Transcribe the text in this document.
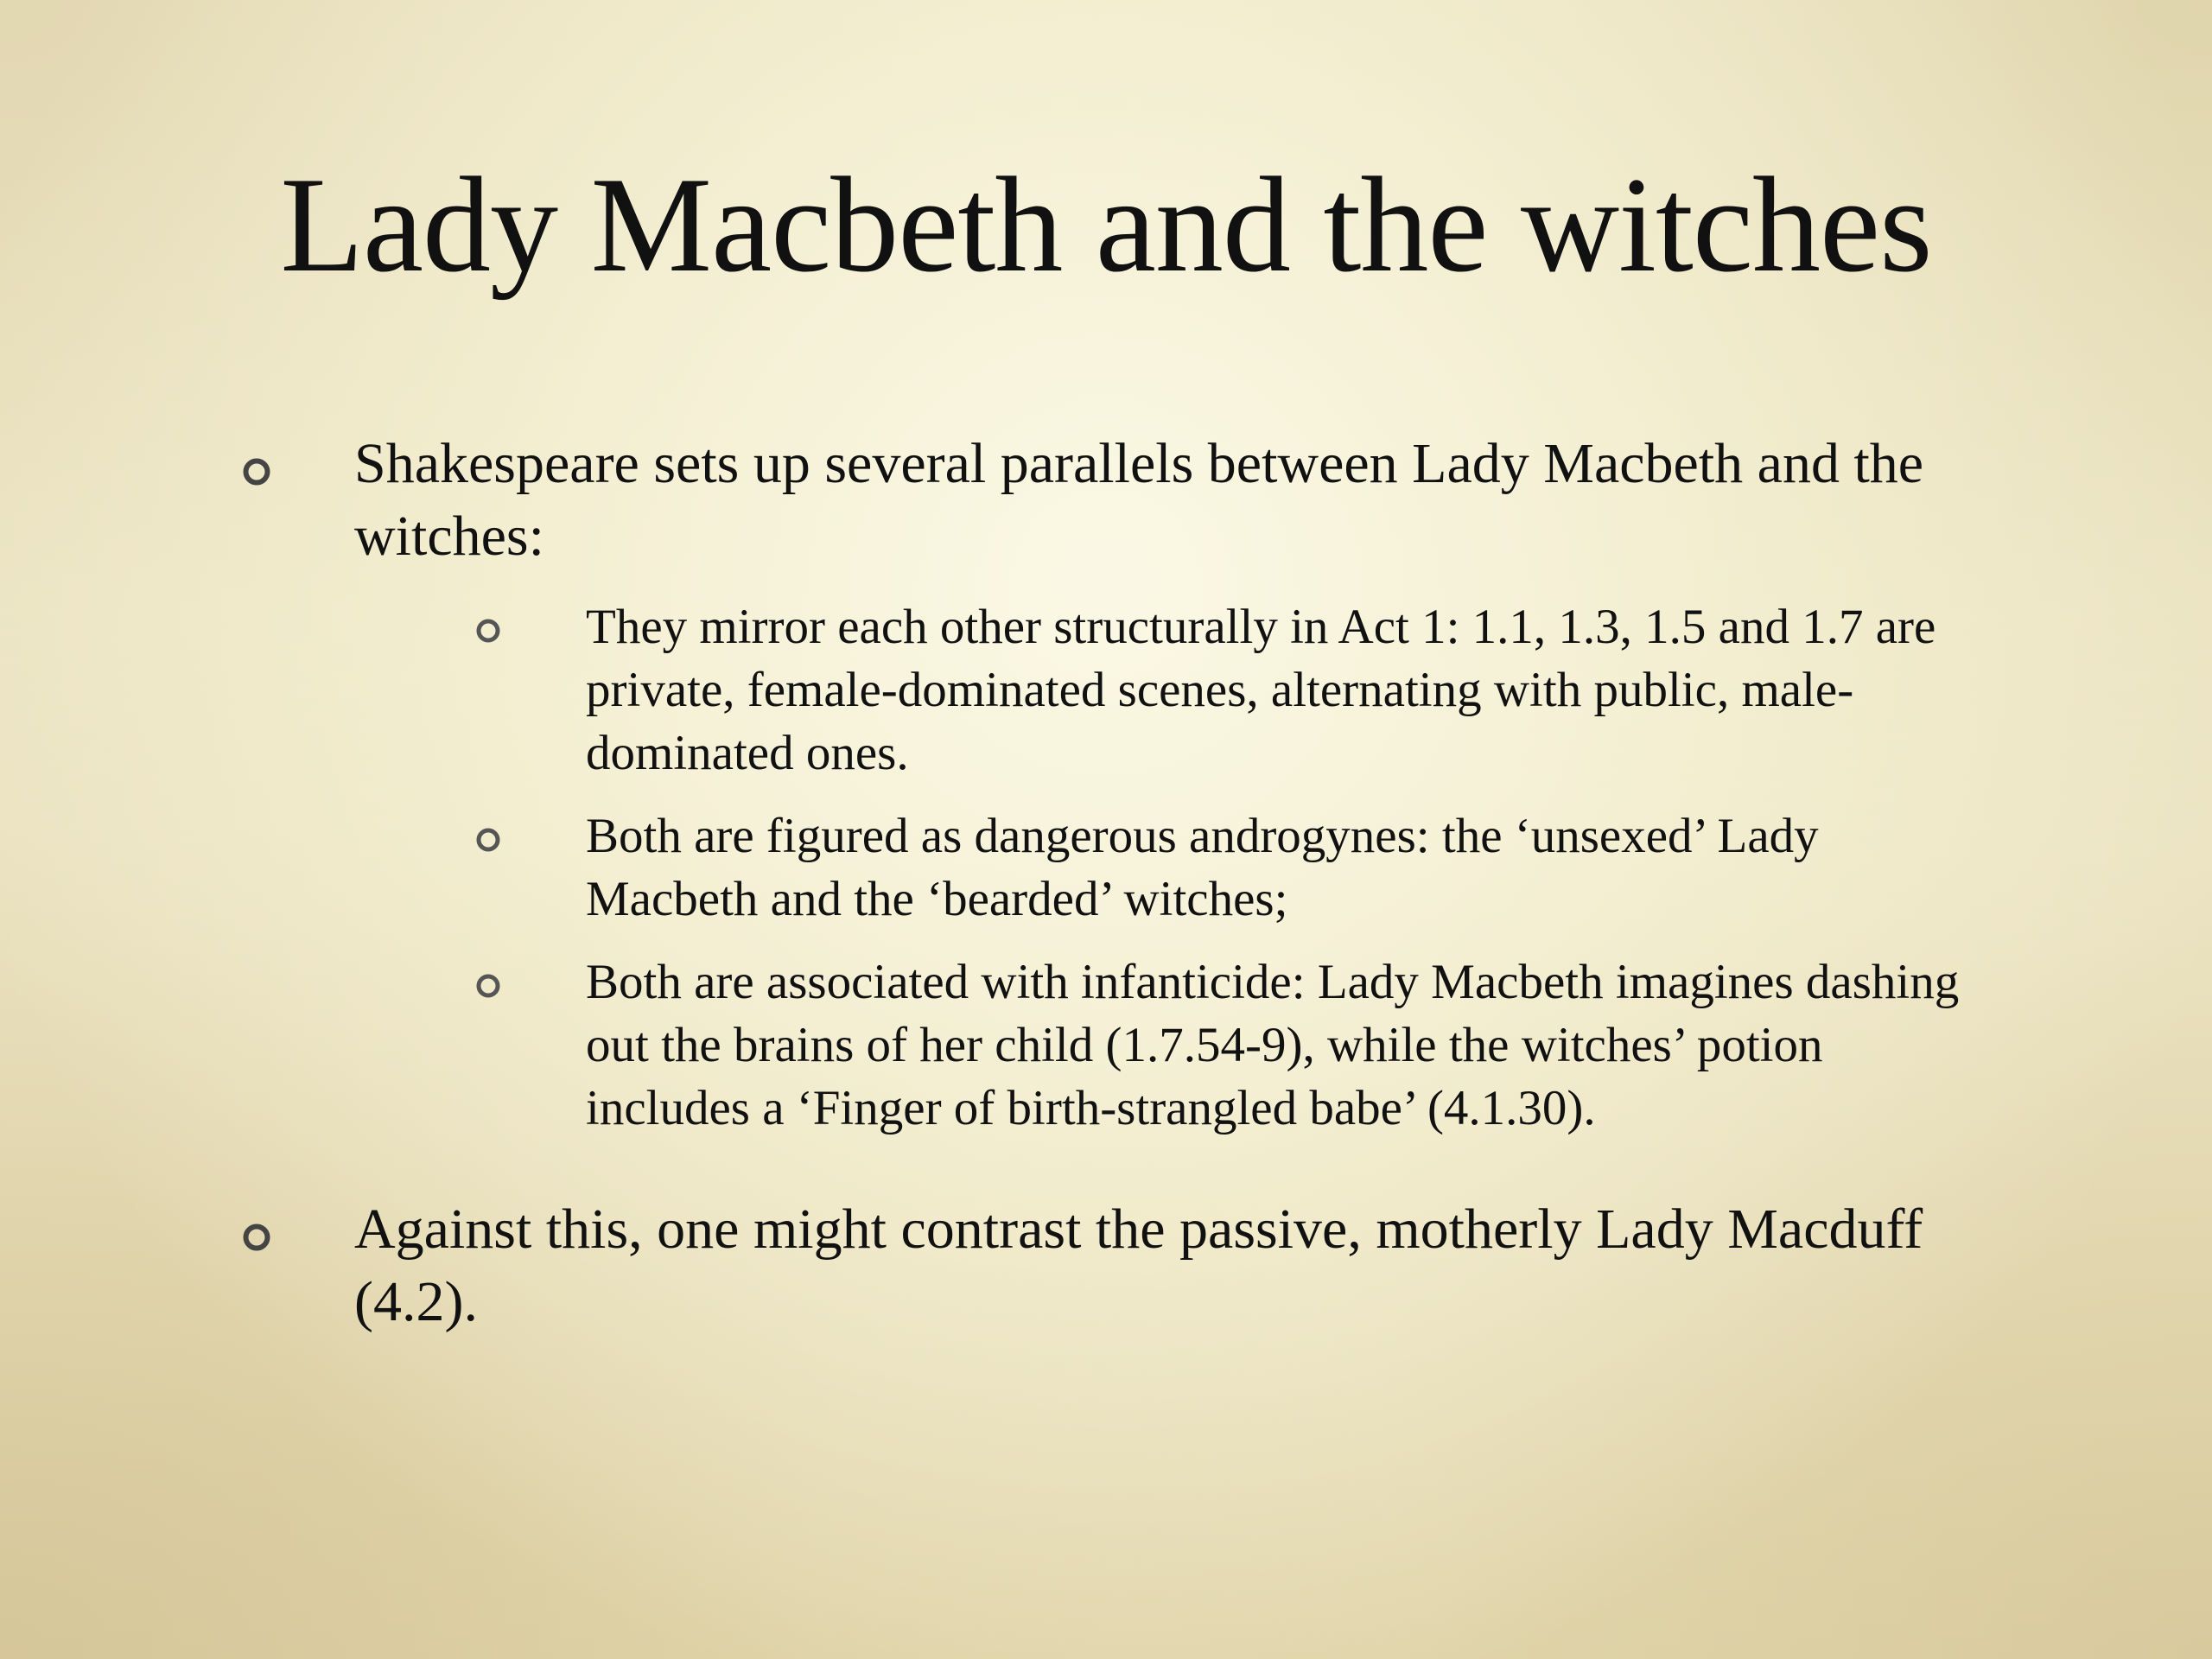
Lady Macbeth and the witches
Shakespeare sets up several parallels between Lady Macbeth and the witches:
They mirror each other structurally in Act 1: 1.1, 1.3, 1.5 and 1.7 are private, female-dominated scenes, alternating with public, male-dominated ones.
Both are figured as dangerous androgynes: the ‘unsexed’ Lady Macbeth and the ‘bearded’ witches;
Both are associated with infanticide: Lady Macbeth imagines dashing out the brains of her child (1.7.54-9), while the witches’ potion includes a ‘Finger of birth-strangled babe’ (4.1.30).
Against this, one might contrast the passive, motherly Lady Macduff (4.2).
